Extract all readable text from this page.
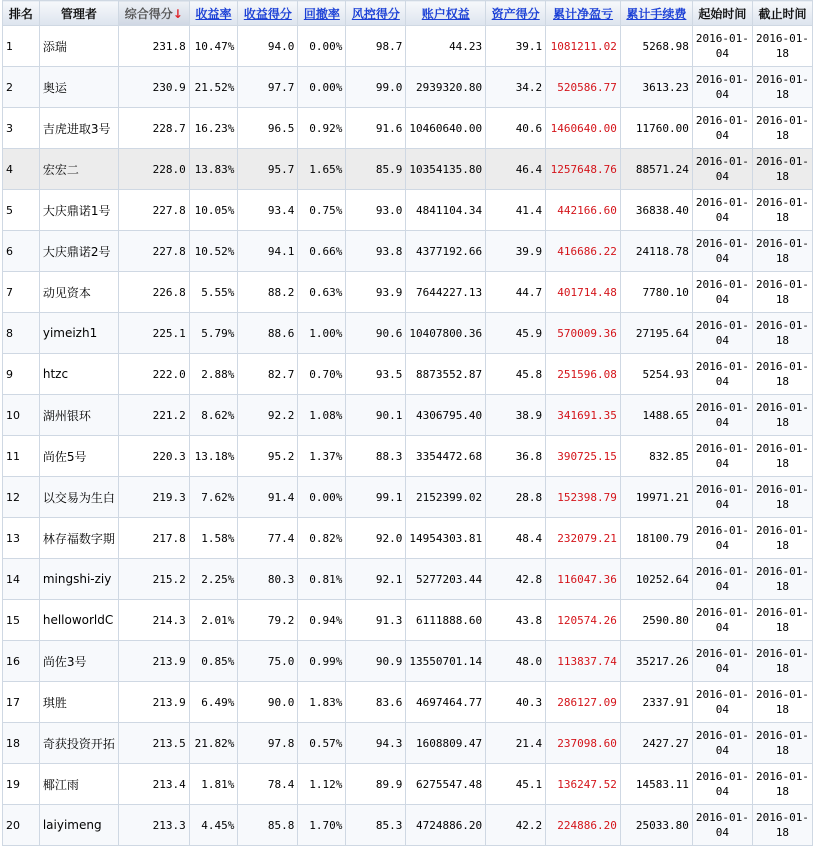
排名	管理者	综合得分↓	收益率	收益得分	回撤率	风控得分	账户权益	资产得分	累计净盈亏	累计手续费	起始时间	截止时间
1	添瑞	231.8	10.47%	94.0	0.00%	98.7	44.23	39.1	1081211.02	5268.98	2016-01-04	2016-01-18
2	奥运	230.9	21.52%	97.7	0.00%	99.0	2939320.80	34.2	520586.77	3613.23	2016-01-04	2016-01-18
3	吉虎进取3号	228.7	16.23%	96.5	0.92%	91.6	10460640.00	40.6	1460640.00	11760.00	2016-01-04	2016-01-18
4	宏宏二	228.0	13.83%	95.7	1.65%	85.9	10354135.80	46.4	1257648.76	88571.24	2016-01-04	2016-01-18
5	大庆鼎诺1号	227.8	10.05%	93.4	0.75%	93.0	4841104.34	41.4	442166.60	36838.40	2016-01-04	2016-01-18
6	大庆鼎诺2号	227.8	10.52%	94.1	0.66%	93.8	4377192.66	39.9	416686.22	24118.78	2016-01-04	2016-01-18
7	动见资本	226.8	5.55%	88.2	0.63%	93.9	7644227.13	44.7	401714.48	7780.10	2016-01-04	2016-01-18
8	yimeizh1	225.1	5.79%	88.6	1.00%	90.6	10407800.36	45.9	570009.36	27195.64	2016-01-04	2016-01-18
9	htzc	222.0	2.88%	82.7	0.70%	93.5	8873552.87	45.8	251596.08	5254.93	2016-01-04	2016-01-18
10	湖州银环	221.2	8.62%	92.2	1.08%	90.1	4306795.40	38.9	341691.35	1488.65	2016-01-04	2016-01-18
11	尚佐5号	220.3	13.18%	95.2	1.37%	88.3	3354472.68	36.8	390725.15	832.85	2016-01-04	2016-01-18
12	以交易为生白	219.3	7.62%	91.4	0.00%	99.1	2152399.02	28.8	152398.79	19971.21	2016-01-04	2016-01-18
13	林存福数字期	217.8	1.58%	77.4	0.82%	92.0	14954303.81	48.4	232079.21	18100.79	2016-01-04	2016-01-18
14	mingshi-ziy	215.2	2.25%	80.3	0.81%	92.1	5277203.44	42.8	116047.36	10252.64	2016-01-04	2016-01-18
15	helloworldC	214.3	2.01%	79.2	0.94%	91.3	6111888.60	43.8	120574.26	2590.80	2016-01-04	2016-01-18
16	尚佐3号	213.9	0.85%	75.0	0.99%	90.9	13550701.14	48.0	113837.74	35217.26	2016-01-04	2016-01-18
17	琪胜	213.9	6.49%	90.0	1.83%	83.6	4697464.77	40.3	286127.09	2337.91	2016-01-04	2016-01-18
18	奇获投资开拓	213.5	21.82%	97.8	0.57%	94.3	1608809.47	21.4	237098.60	2427.27	2016-01-04	2016-01-18
19	椰江雨	213.4	1.81%	78.4	1.12%	89.9	6275547.48	45.1	136247.52	14583.11	2016-01-04	2016-01-18
20	laiyimeng	213.3	4.45%	85.8	1.70%	85.3	4724886.20	42.2	224886.20	25033.80	2016-01-04	2016-01-18
